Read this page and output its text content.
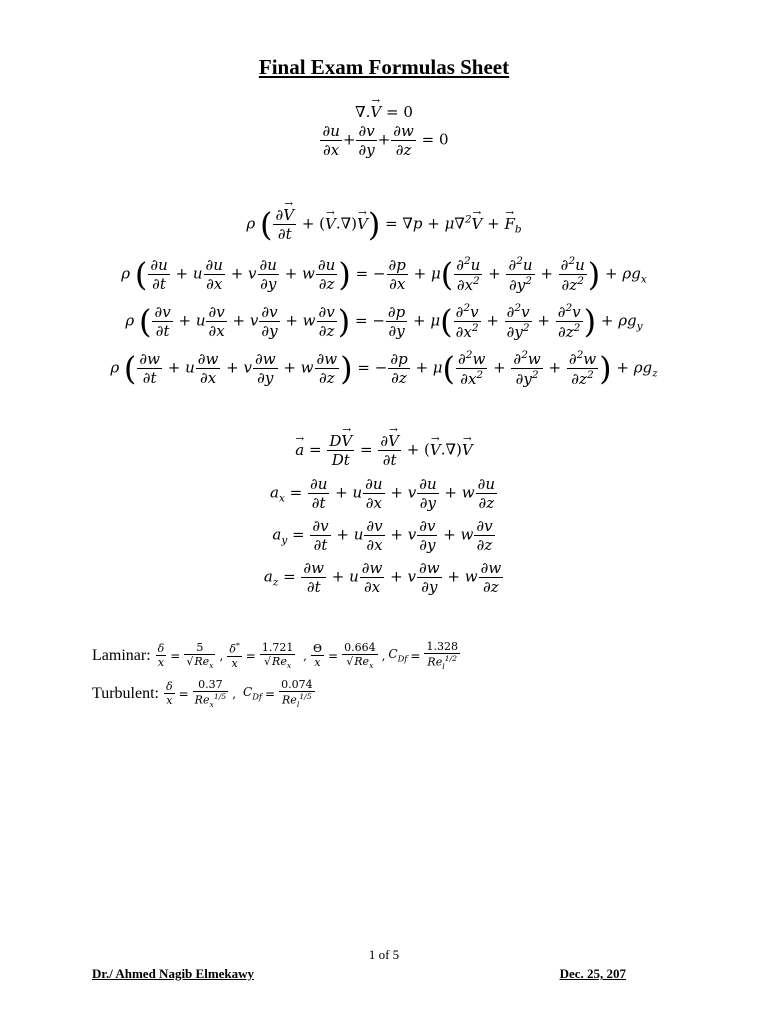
Final Exam Formulas Sheet
∇.→ V = 0
$\frac{\partial u}{\partial x} + \frac{\partial v}{\partial y} + \frac{\partial w}{\partial z} = 0$
ρ ( $\frac{\partial\to V}{\partial t}$ + (→ V.∇)→ V) = ∇p + μ∇$^2$→ V + → $F_b$
ρ ( $\frac{\partial u}{\partial t} + u \frac{\partial u}{\partial x} + v \frac{\partial u}{\partial y} + w \frac{\partial u}{\partial z}$ ) = − $\frac{\partial p}{\partial x} + \mu( \frac{\partial^2u}{\partial x^2} + \frac{\partial^2u}{\partial y^2} + \frac{\partial^2u}{\partial z^2}$ ) + $\rho g_x$
ρ ( $\frac{\partial v}{\partial t} + u \frac{\partial v}{\partial x} + v \frac{\partial v}{\partial y} + w \frac{\partial v}{\partial z}$ ) = − $\frac{\partial p}{\partial y} + \mu( \frac{\partial^2v}{\partial x^2} + \frac{\partial^2v}{\partial y^2} + \frac{\partial^2v}{\partial z^2}$ ) + $\rho g_y$
ρ ( $\frac{\partial w}{\partial t} + u \frac{\partial w}{\partial x} + v \frac{\partial w}{\partial y} + w \frac{\partial w}{\partial z}$ ) = − $\frac{\partial p}{\partial z} + \mu( \frac{\partial^2w}{\partial x^2} + \frac{\partial^2w}{\partial y^2} + \frac{\partial^2w}{\partial z^2}$ ) + $\rho g_z$
→ $a = \frac{D\to V}{Dt} = \frac{\partial\to V}{\partial t}$ + (→ V.∇)→ V
$a_x = \frac{\partial u}{\partial t} + u \frac{\partial u}{\partial x} + v \frac{\partial u}{\partial y} + w \frac{\partial u}{\partial z}$
$a_y = \frac{\partial v}{\partial t} + u \frac{\partial v}{\partial x} + v \frac{\partial v}{\partial y} + w \frac{\partial v}{\partial z}$
$a_z = \frac{\partial w}{\partial t} + u \frac{\partial w}{\partial x} + v \frac{\partial w}{\partial y} + w \frac{\partial w}{\partial z}$
Laminar:
$\frac{\delta}{x} = \frac{5}{√Re_x}$ , $\frac{\delta^*}{x} = \frac{1.721}{√Re_x}$ , $\frac{\Theta}{x} = \frac{0.664}{√Re_x}$ , $C_{Df} = \frac{1.328}{Re_l^{1/2}}$
Turbulent:
$\frac{\delta}{x} = \frac{0.37}{Re_x^{1/5}}$ ,
$C_{Df} = \frac{0.074}{Re_l^{1/5}}$
1 of 5
Dr./ Ahmed Nagib Elmekawy	Dec. 25, 207
